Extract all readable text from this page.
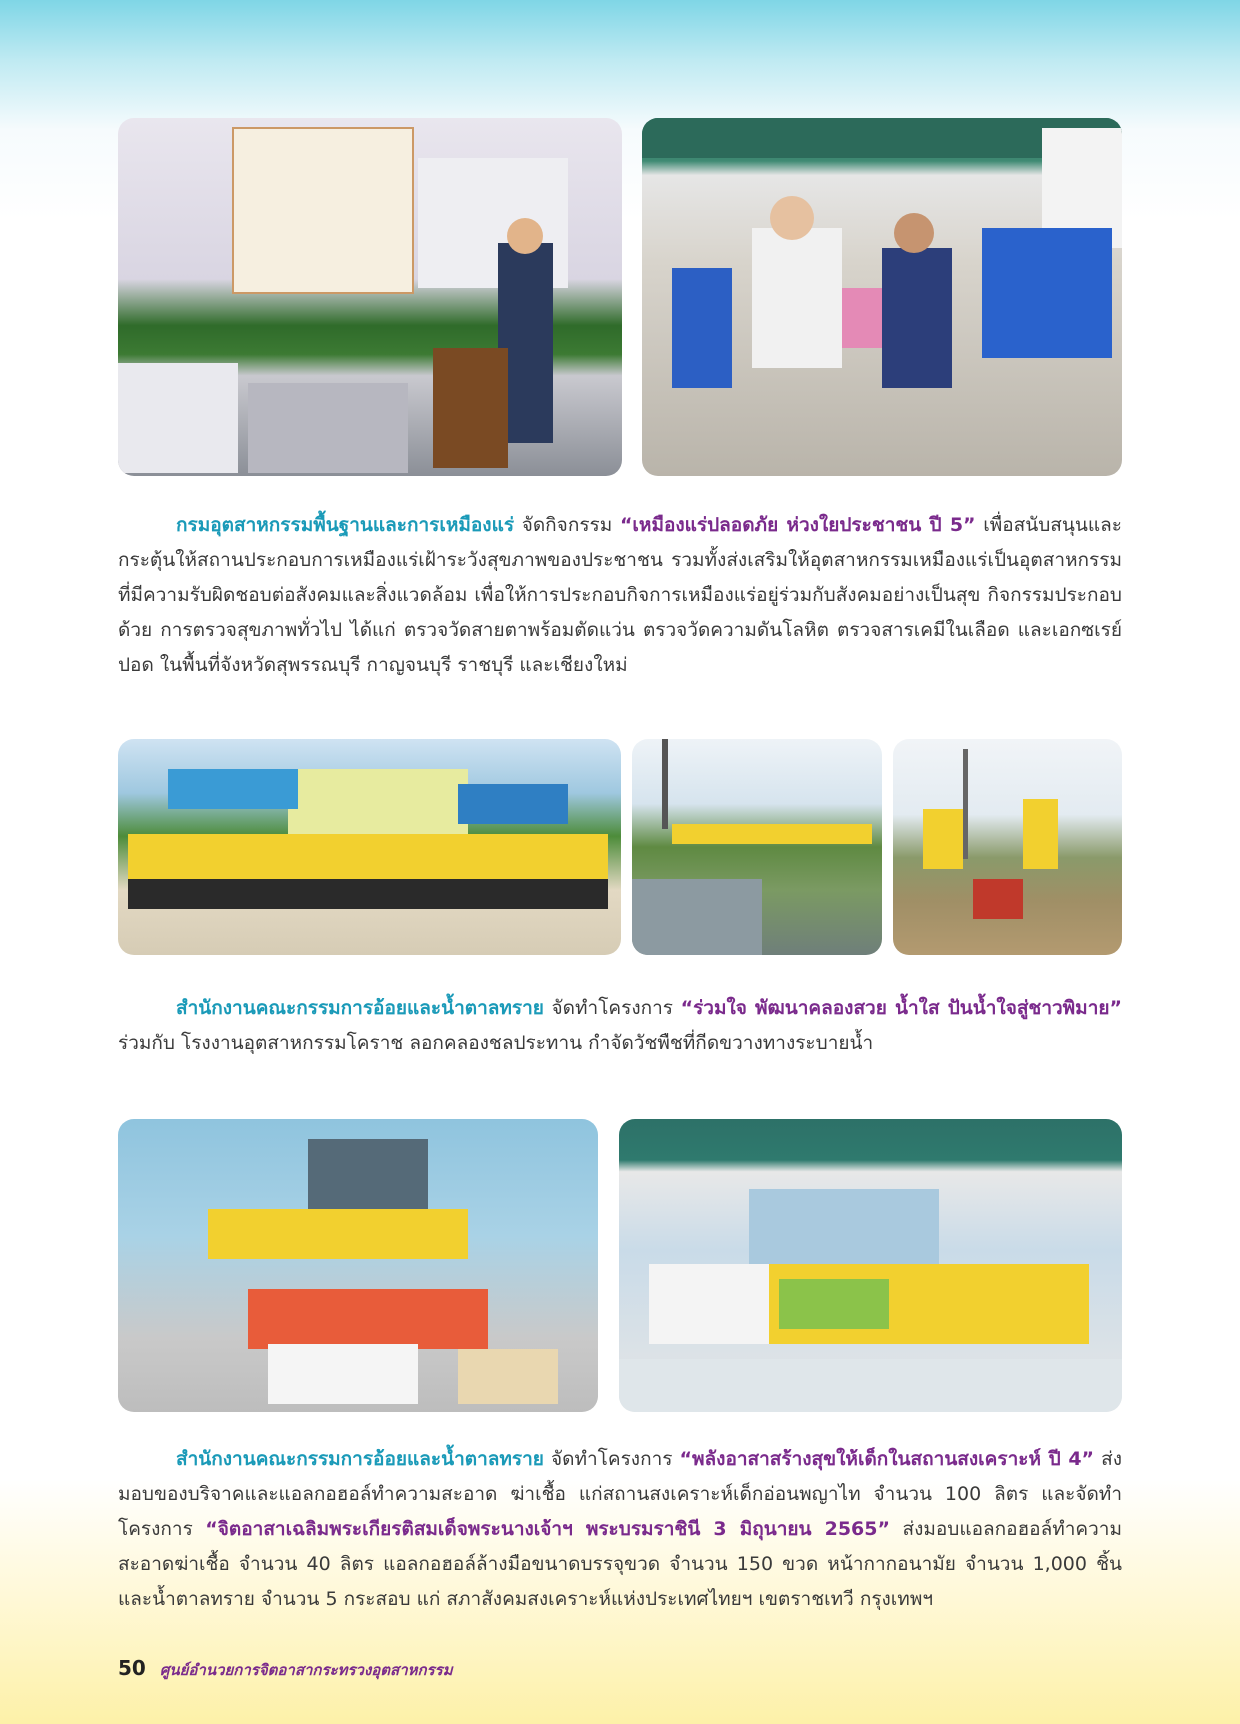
กรมอุตสาหกรรมพื้นฐานและการเหมืองแร่ จัดกิจกรรม “เหมืองแร่ปลอดภัย ห่วงใยประชาชน ปี 5” เพื่อสนับสนุนและกระตุ้นให้สถานประกอบการเหมืองแร่เฝ้าระวังสุขภาพของประชาชน รวมทั้งส่งเสริมให้อุตสาหกรรมเหมืองแร่เป็นอุตสาหกรรมที่มีความรับผิดชอบต่อสังคมและสิ่งแวดล้อม เพื่อให้การประกอบกิจการเหมืองแร่อยู่ร่วมกับสังคมอย่างเป็นสุข กิจกรรมประกอบด้วย การตรวจสุขภาพทั่วไป ได้แก่ ตรวจวัดสายตาพร้อมตัดแว่น ตรวจวัดความดันโลหิต ตรวจสารเคมีในเลือด และเอกซเรย์ปอด ในพื้นที่จังหวัดสุพรรณบุรี กาญจนบุรี ราชบุรี และเชียงใหม่

สำนักงานคณะกรรมการอ้อยและน้ำตาลทราย จัดทำโครงการ “ร่วมใจ พัฒนาคลองสวย น้ำใส ปันน้ำใจสู่ชาวพิมาย” ร่วมกับ โรงงานอุตสาหกรรมโคราช ลอกคลองชลประทาน กำจัดวัชพืชที่กีดขวางทางระบายน้ำ

สำนักงานคณะกรรมการอ้อยและน้ำตาลทราย จัดทำโครงการ “พลังอาสาสร้างสุขให้เด็กในสถานสงเคราะห์ ปี 4” ส่งมอบของบริจาคและแอลกอฮอล์ทำความสะอาด ฆ่าเชื้อ แก่สถานสงเคราะห์เด็กอ่อนพญาไท จำนวน 100 ลิตร และจัดทำโครงการ “จิตอาสาเฉลิมพระเกียรติสมเด็จพระนางเจ้าฯ พระบรมราชินี 3 มิถุนายน 2565” ส่งมอบแอลกอฮอล์ทำความสะอาดฆ่าเชื้อ จำนวน 40 ลิตร แอลกอฮอล์ล้างมือขนาดบรรจุขวด จำนวน 150 ขวด หน้ากากอนามัย จำนวน 1,000 ชิ้น และน้ำตาลทราย จำนวน 5 กระสอบ แก่ สภาสังคมสงเคราะห์แห่งประเทศไทยฯ เขตราชเทวี กรุงเทพฯ

50 ศูนย์อำนวยการจิตอาสากระทรวงอุตสาหกรรม
